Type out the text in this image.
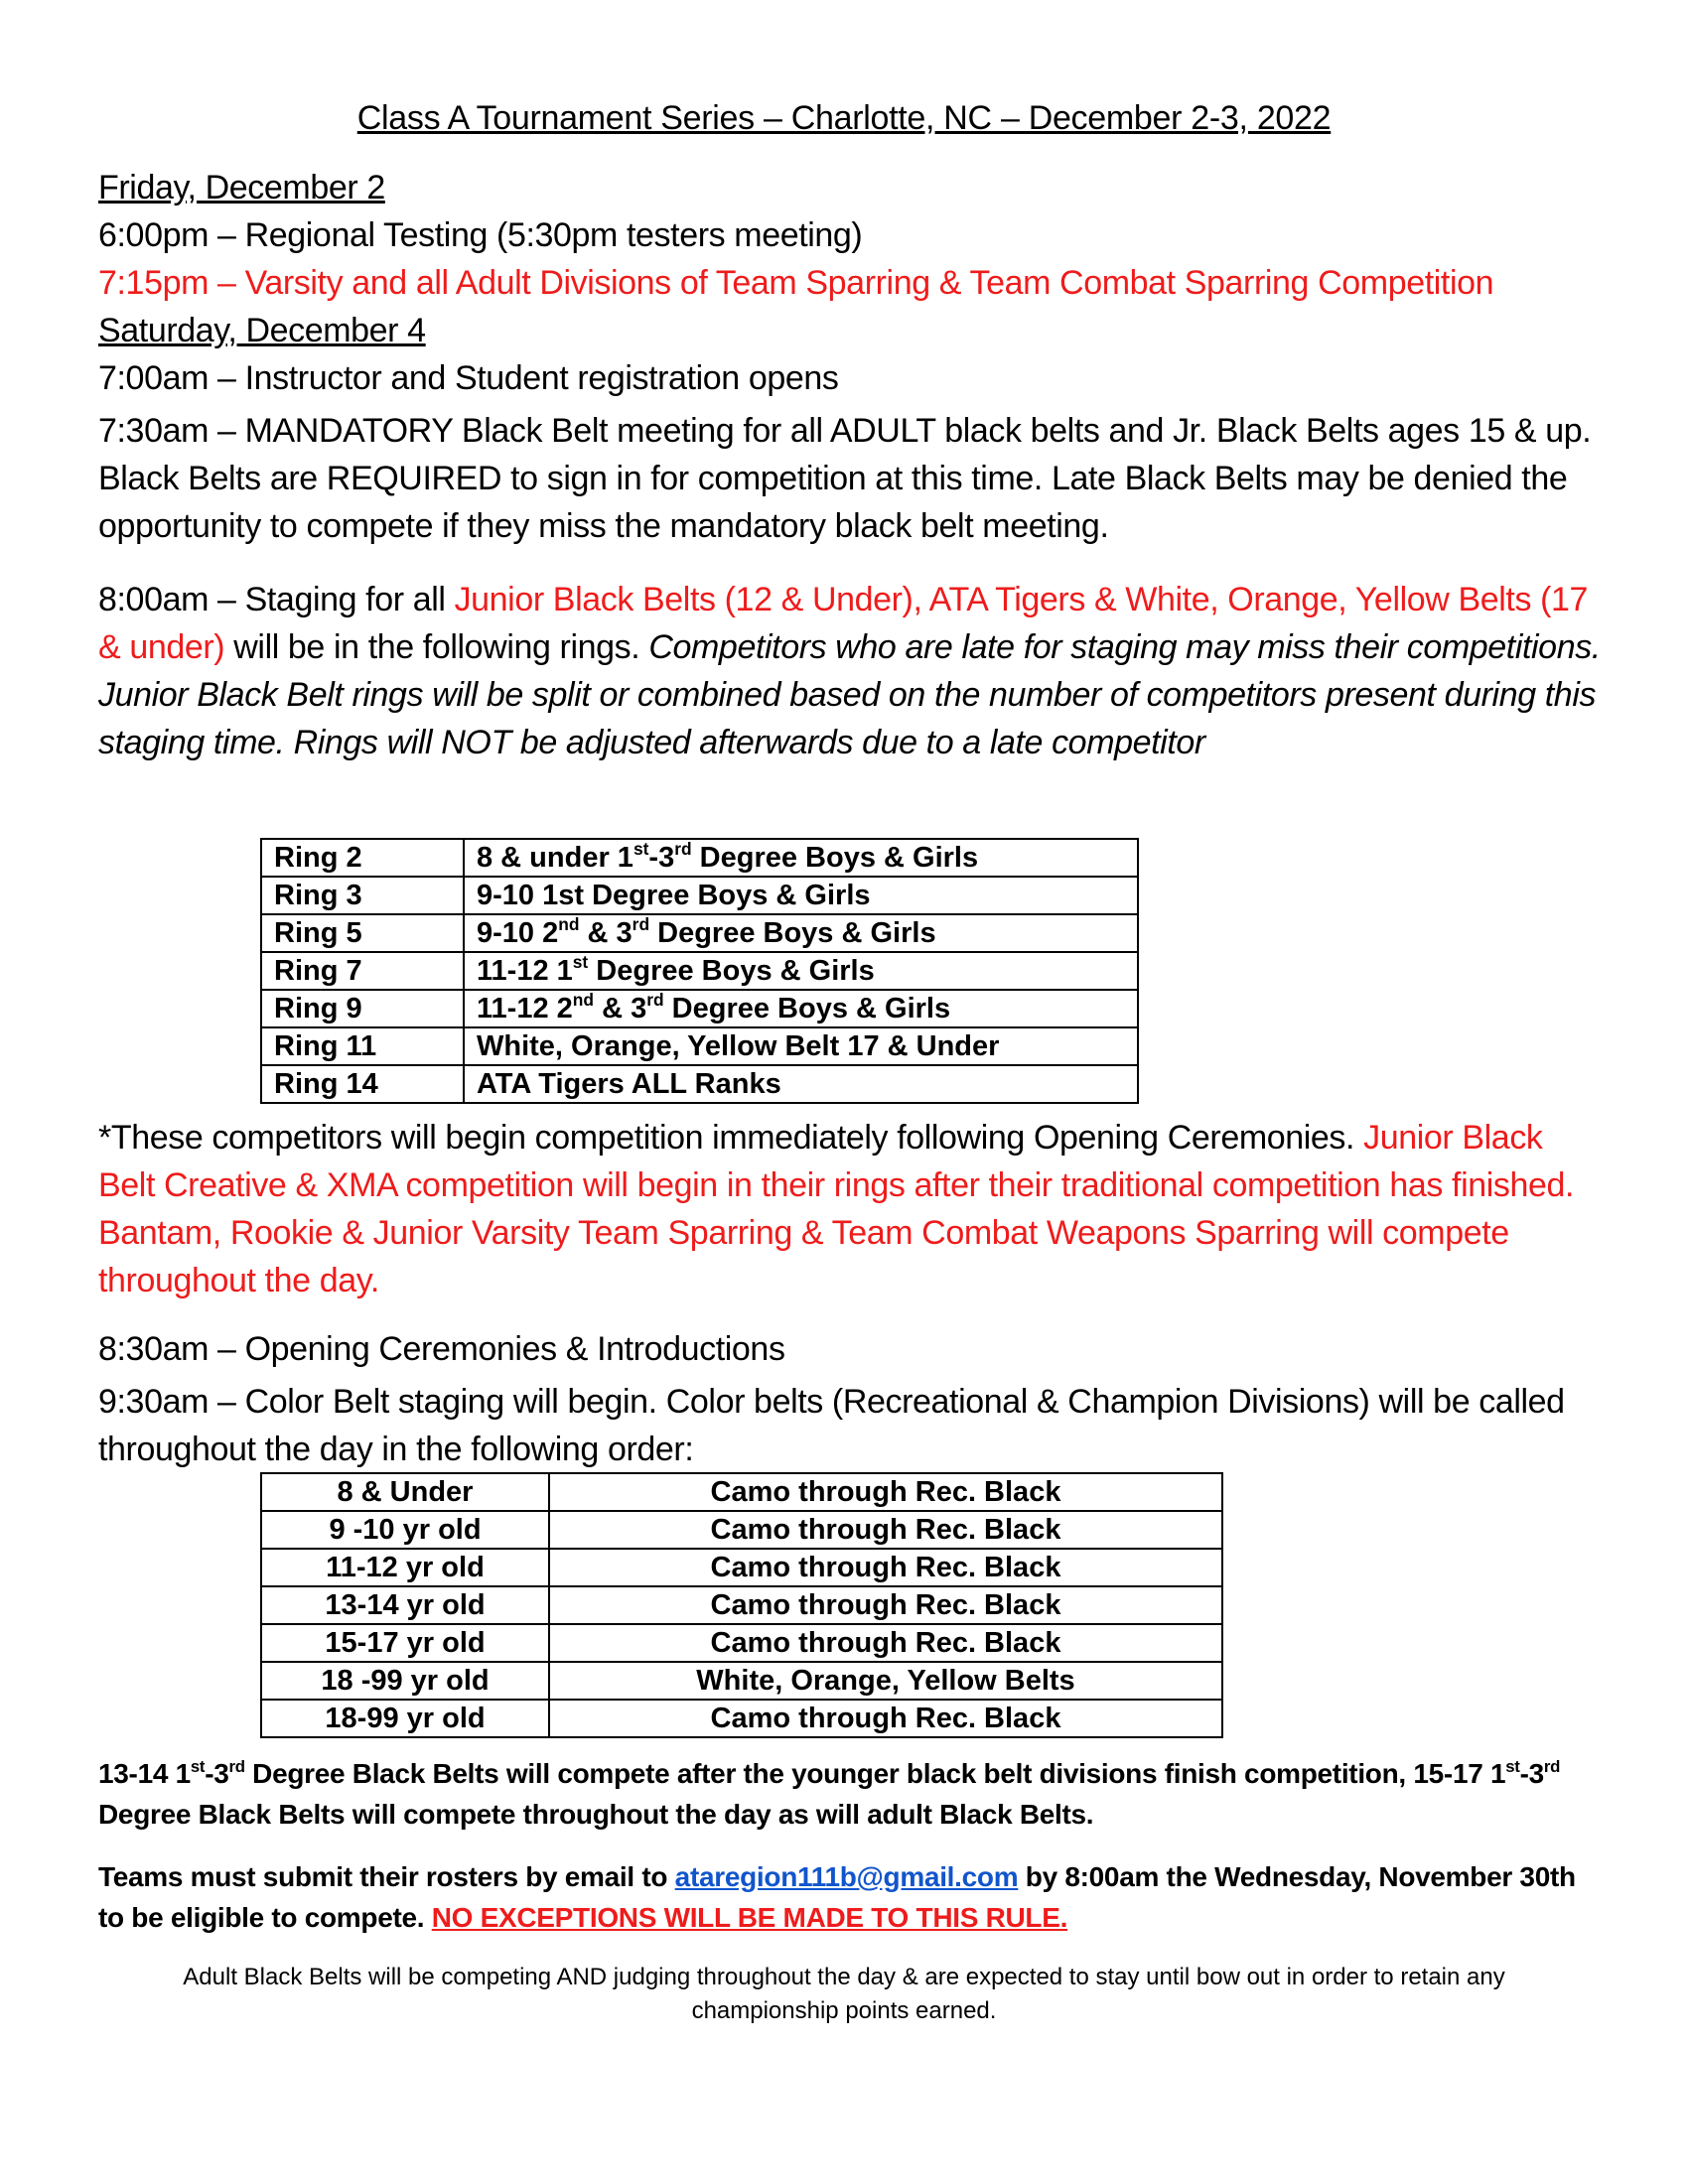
Class A Tournament Series – Charlotte, NC – December 2-3, 2022
Friday, December 2
6:00pm – Regional Testing (5:30pm testers meeting)
7:15pm – Varsity and all Adult Divisions of Team Sparring & Team Combat Sparring Competition
Saturday, December 4
7:00am – Instructor and Student registration opens
7:30am – MANDATORY Black Belt meeting for all ADULT black belts and Jr. Black Belts ages 15 & up. Black Belts are REQUIRED to sign in for competition at this time. Late Black Belts may be denied the opportunity to compete if they miss the mandatory black belt meeting.
8:00am – Staging for all Junior Black Belts (12 & Under), ATA Tigers & White, Orange, Yellow Belts (17 & under) will be in the following rings. Competitors who are late for staging may miss their competitions. Junior Black Belt rings will be split or combined based on the number of competitors present during this staging time. Rings will NOT be adjusted afterwards due to a late competitor
Ring 2	8 & under 1st-3rd Degree Boys & Girls
Ring 3	9-10 1st Degree Boys & Girls
Ring 5	9-10 2nd & 3rd Degree Boys & Girls
Ring 7	11-12 1st Degree Boys & Girls
Ring 9	11-12 2nd & 3rd Degree Boys & Girls
Ring 11	White, Orange, Yellow Belt 17 & Under
Ring 14	ATA Tigers ALL Ranks
*These competitors will begin competition immediately following Opening Ceremonies. Junior Black Belt Creative & XMA competition will begin in their rings after their traditional competition has finished. Bantam, Rookie & Junior Varsity Team Sparring & Team Combat Weapons Sparring will compete throughout the day.
8:30am – Opening Ceremonies & Introductions
9:30am – Color Belt staging will begin. Color belts (Recreational & Champion Divisions) will be called throughout the day in the following order:
8 & Under	Camo through Rec. Black
9 -10 yr old	Camo through Rec. Black
11-12 yr old	Camo through Rec. Black
13-14 yr old	Camo through Rec. Black
15-17 yr old	Camo through Rec. Black
18 -99 yr old	White, Orange, Yellow Belts
18-99 yr old	Camo through Rec. Black
13-14 1st-3rd Degree Black Belts will compete after the younger black belt divisions finish competition, 15-17 1st-3rd Degree Black Belts will compete throughout the day as will adult Black Belts.
Teams must submit their rosters by email to ataregion111b@gmail.com by 8:00am the Wednesday, November 30th to be eligible to compete. NO EXCEPTIONS WILL BE MADE TO THIS RULE.
Adult Black Belts will be competing AND judging throughout the day & are expected to stay until bow out in order to retain any championship points earned.
